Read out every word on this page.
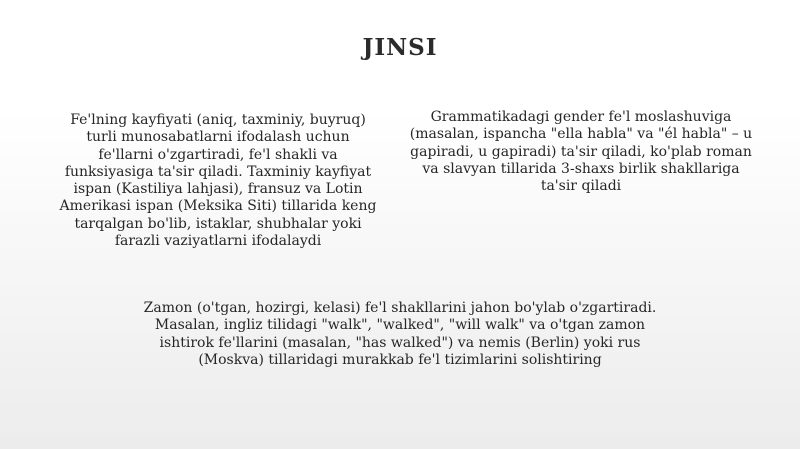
JINSI
Fe'lning kayfiyati (aniq, taxminiy, buyruq)
turli munosabatlarni ifodalash uchun
fe'llarni o'zgartiradi, fe'l shakli va
funksiyasiga ta'sir qiladi. Taxminiy kayfiyat
ispan (Kastiliya lahjasi), fransuz va Lotin
Amerikasi ispan (Meksika Siti) tillarida keng
tarqalgan bo'lib, istaklar, shubhalar yoki
farazli vaziyatlarni ifodalaydi
Grammatikadagi gender fe'l moslashuviga
(masalan, ispancha "ella habla" va "él habla" – u
gapiradi, u gapiradi) ta'sir qiladi, ko'plab roman
va slavyan tillarida 3-shaxs birlik shakllariga
ta'sir qiladi
Zamon (o'tgan, hozirgi, kelasi) fe'l shakllarini jahon bo'ylab o'zgartiradi.
Masalan, ingliz tilidagi "walk", "walked", "will walk" va o'tgan zamon
ishtirok fe'llarini (masalan, "has walked") va nemis (Berlin) yoki rus
(Moskva) tillaridagi murakkab fe'l tizimlarini solishtiring
